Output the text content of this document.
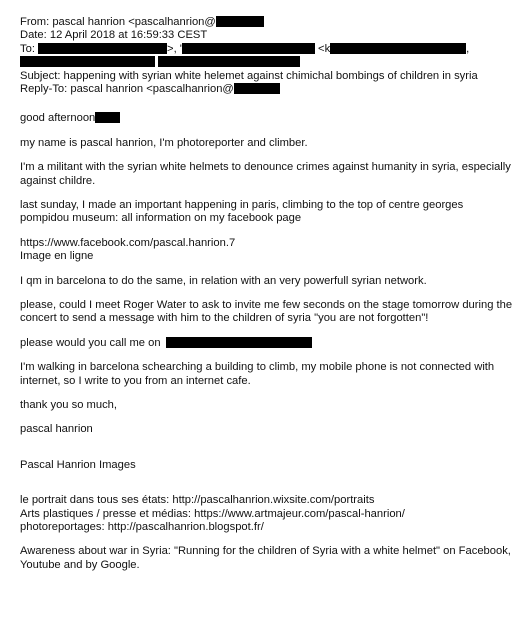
From: pascal hanrion <pascalhanrion@
Date: 12 April 2018 at 16:59:33 CEST
To:	>, '	<k	,
Subject: happening with syrian white helemet against chimichal bombings of children in syria
Reply-To: pascal hanrion <pascalhanrion@
good afternoon

my name is pascal hanrion, I'm photoreporter and climber.

I'm a militant with the syrian white helmets to denounce crimes against humanity in syria, especially against childre.

last sunday, I made an important happening in paris, climbing to the top of centre georges pompidou museum: all information on my facebook page

https://www.facebook.com/pascal.hanrion.7
Image en ligne

I qm in barcelona to do the same, in relation with an very powerfull syrian network.

please, could I meet Roger Water to ask to invite me few seconds on the stage tomorrow during the concert to send a message with him to the children of syria "you are not forgotten"!

please would you call me on

I'm walking in barcelona schearching a building to climb, my mobile phone is not connected with internet, so I write to you from an internet cafe.

thank you so much,
pascal hanrion
Pascal Hanrion Images
le portrait dans tous ses états: http://pascalhanrion.wixsite.com/portraits
Arts plastiques / presse et médias: https://www.artmajeur.com/pascal-hanrion/
photoreportages: http://pascalhanrion.blogspot.fr/

Awareness about war in Syria: "Running for the children of Syria with a white helmet" on Facebook, Youtube and by Google.
